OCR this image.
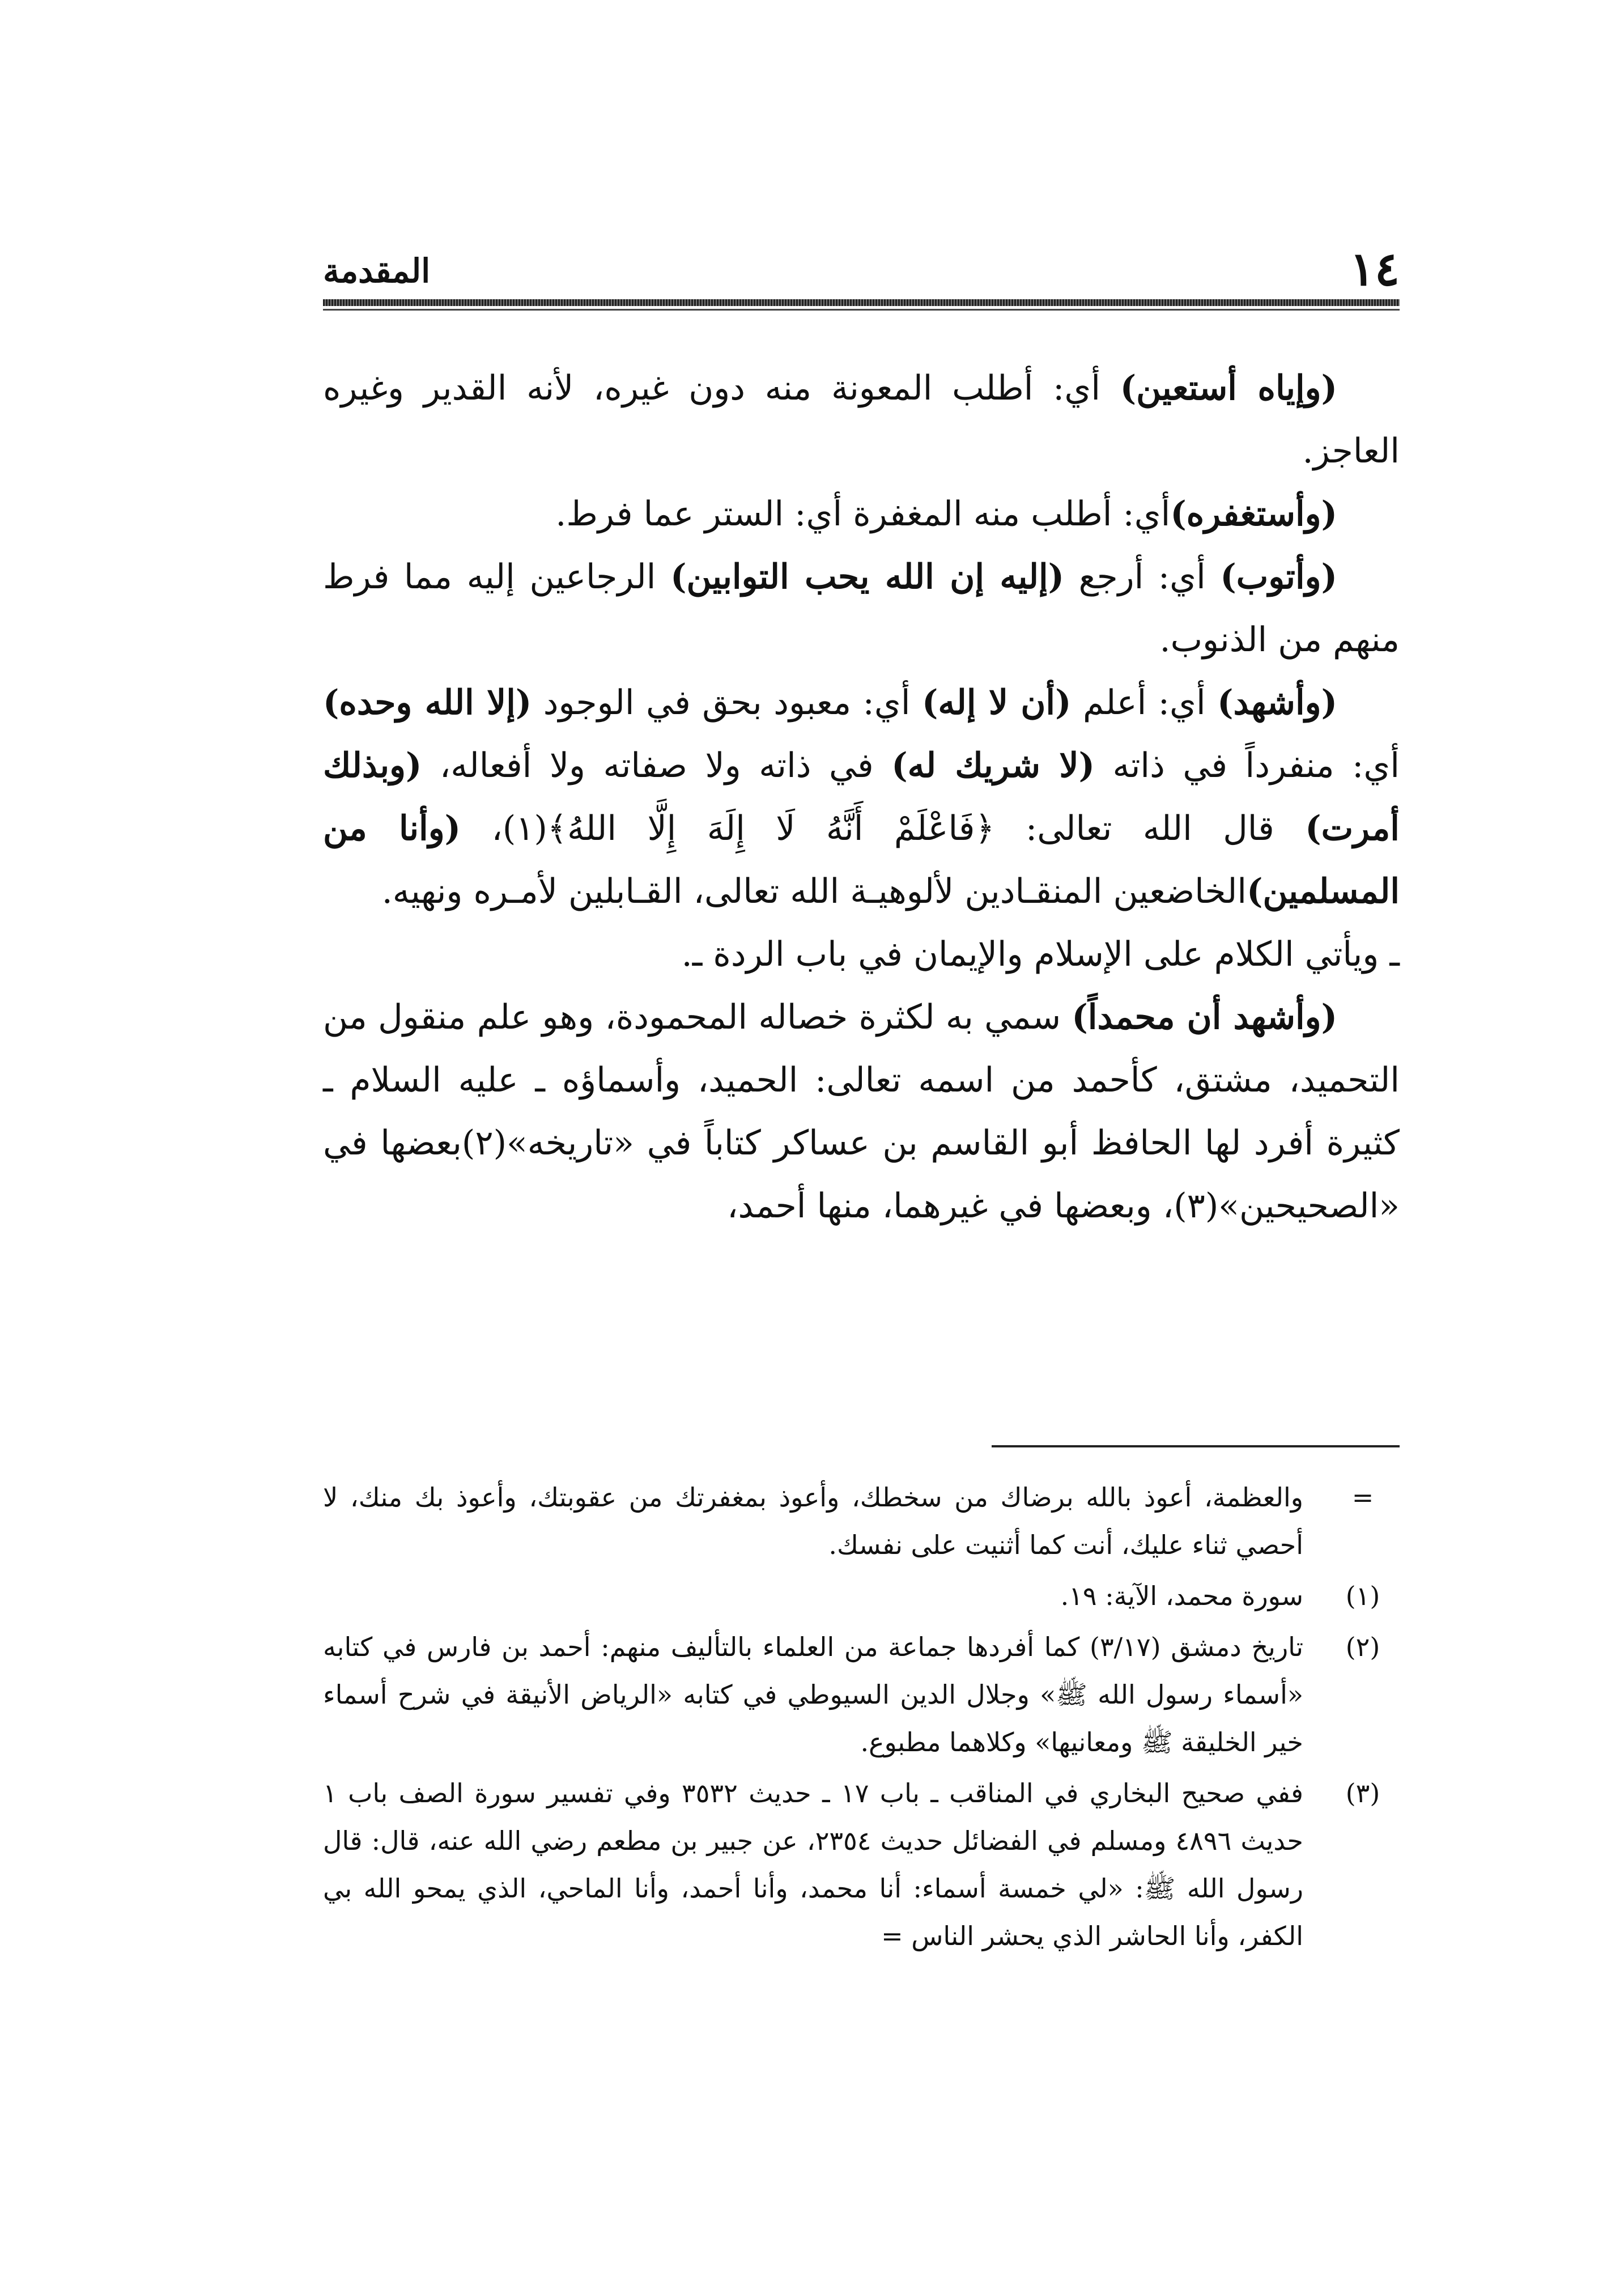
١٤
المقدمة

(وإياه أستعين) أي: أطلب المعونة منه دون غيره، لأنه القدير وغيره العاجز.

(وأستغفره)أي: أطلب منه المغفرة أي: الستر عما فرط.

(وأتوب) أي: أرجع (إليه إن الله يحب التوابين) الرجاعين إليه مما فرط منهم من الذنوب.

(وأشهد) أي: أعلم (أن لا إله) أي: معبود بحق في الوجود (إلا الله وحده) أي: منفرداً في ذاته (لا شريك له) في ذاته ولا صفاته ولا أفعاله، (وبذلك أمرت) قال الله تعالى: ﴿فَاعْلَمْ أَنَّهُ لَا إِلَهَ إِلَّا اللهُ﴾(١)، (وأنا من المسلمين)الخاضعين المنقـادين لألوهيـة الله تعالى، القـابلين لأمـره ونهيه.

ـ ويأتي الكلام على الإسلام والإيمان في باب الردة ـ.

(وأشهد أن محمداً) سمي به لكثرة خصاله المحمودة، وهو علم منقول من التحميد، مشتق، كأحمد من اسمه تعالى: الحميد، وأسماؤه ـ عليه السلام ـ كثيرة أفرد لها الحافظ أبو القاسم بن عساكر كتاباً في «تاريخه»(٢)بعضها في «الصحيحين»(٣)، وبعضها في غيرهما، منها أحمد،

=
والعظمة، أعوذ بالله برضاك من سخطك، وأعوذ بمغفرتك من عقوبتك، وأعوذ بك منك، لا أحصي ثناء عليك، أنت كما أثنيت على نفسك.

(١)
سورة محمد، الآية: ١٩.

(٢)
تاريخ دمشق (٣/١٧) كما أفردها جماعة من العلماء بالتأليف منهم: أحمد بن فارس في كتابه «أسماء رسول الله ﷺ» وجلال الدين السيوطي في كتابه «الرياض الأنيقة في شرح أسماء خير الخليقة ﷺ ومعانيها» وكلاهما مطبوع.

(٣)
ففي صحيح البخاري في المناقب ـ باب ١٧ ـ حديث ٣٥٣٢ وفي تفسير سورة الصف باب ١ حديث ٤٨٩٦ ومسلم في الفضائل حديث ٢٣٥٤، عن جبير بن مطعم رضي الله عنه، قال: قال رسول الله ﷺ: «لي خمسة أسماء: أنا محمد، وأنا أحمد، وأنا الماحي، الذي يمحو الله بي الكفر، وأنا الحاشر الذي يحشر الناس =
